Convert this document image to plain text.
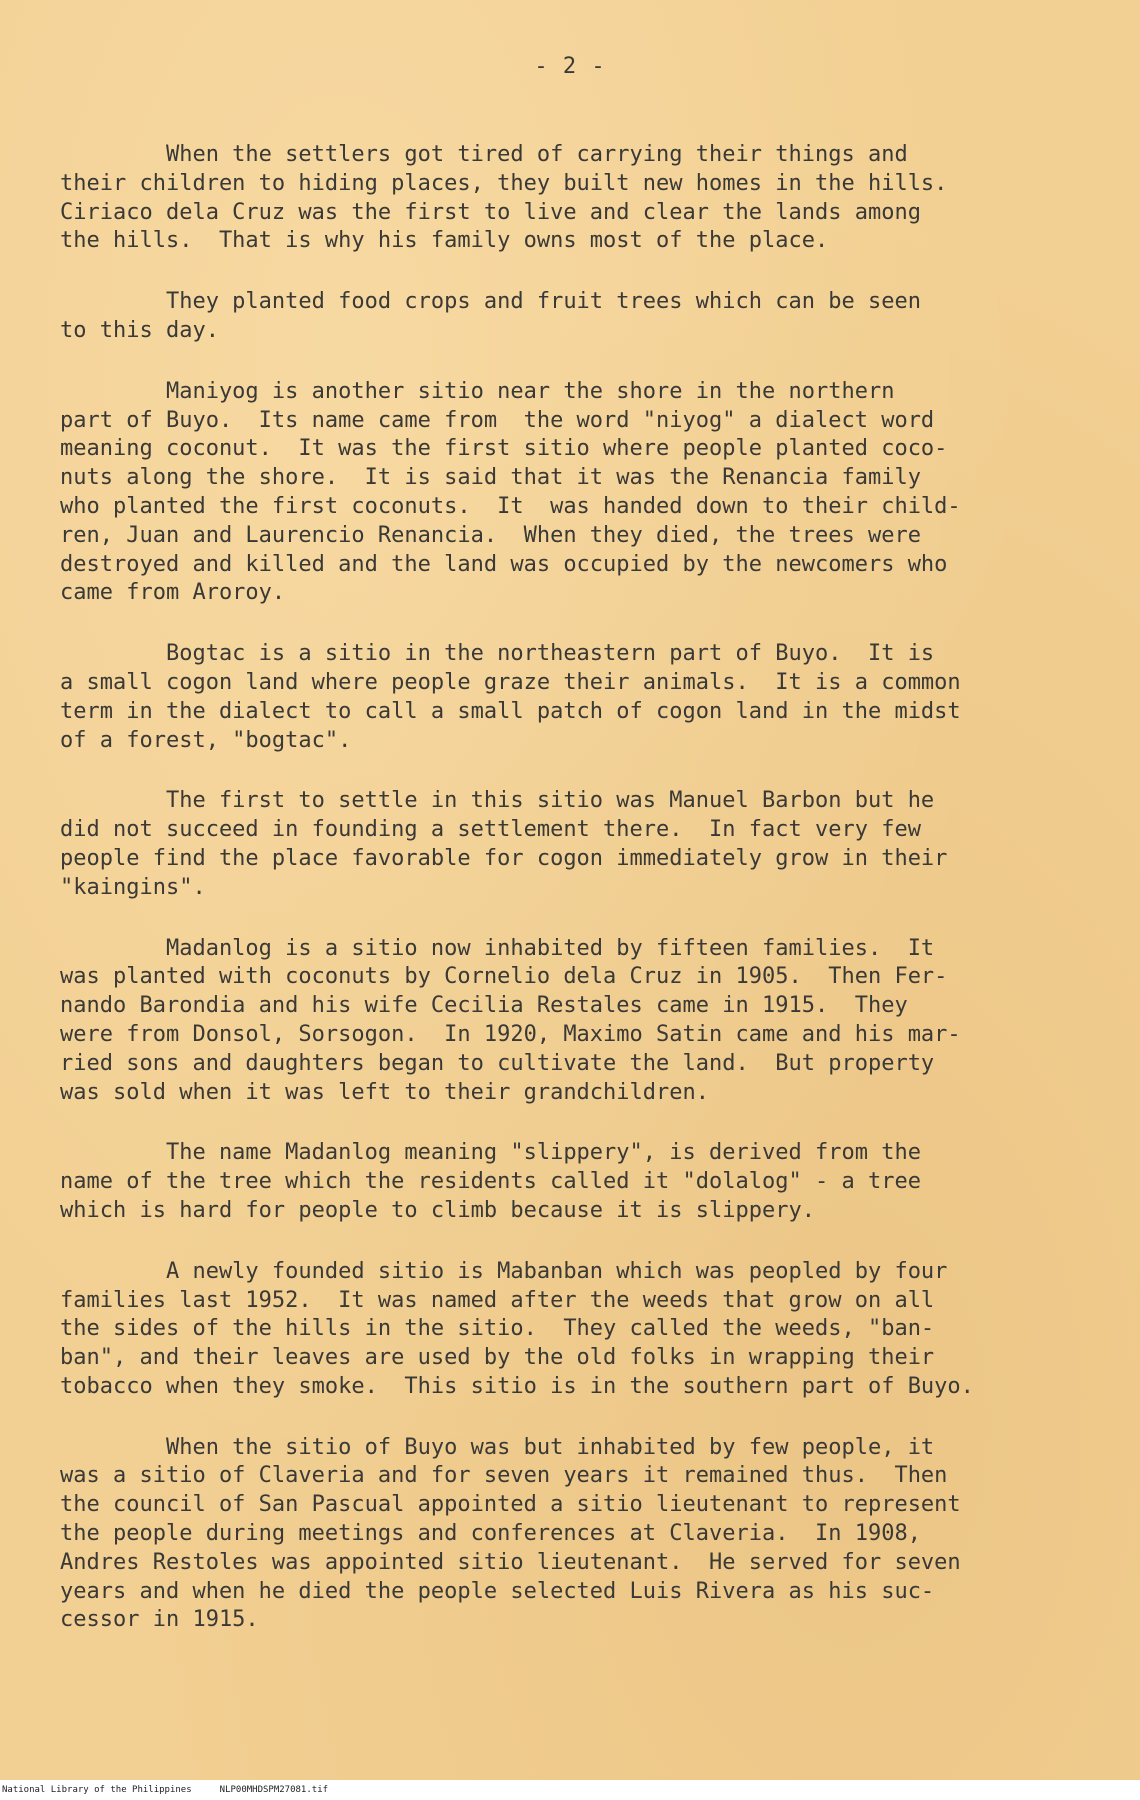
- 2 -

When the settlers got tired of carrying their things and
their children to hiding places, they built new homes in the hills.
Ciriaco dela Cruz was the first to live and clear the lands among
the hills.  That is why his family owns most of the place.

They planted food crops and fruit trees which can be seen
to this day.

Maniyog is another sitio near the shore in the northern
part of Buyo.  Its name came from  the word "niyog" a dialect word
meaning coconut.  It was the first sitio where people planted coco-
nuts along the shore.  It is said that it was the Renancia family
who planted the first coconuts.  It  was handed down to their child-
ren, Juan and Laurencio Renancia.  When they died, the trees were
destroyed and killed and the land was occupied by the newcomers who
came from Aroroy.

Bogtac is a sitio in the northeastern part of Buyo.  It is
a small cogon land where people graze their animals.  It is a common
term in the dialect to call a small patch of cogon land in the midst
of a forest, "bogtac".

The first to settle in this sitio was Manuel Barbon but he
did not succeed in founding a settlement there.  In fact very few
people find the place favorable for cogon immediately grow in their
"kaingins".

Madanlog is a sitio now inhabited by fifteen families.  It
was planted with coconuts by Cornelio dela Cruz in 1905.  Then Fer-
nando Barondia and his wife Cecilia Restales came in 1915.  They
were from Donsol, Sorsogon.  In 1920, Maximo Satin came and his mar-
ried sons and daughters began to cultivate the land.  But property
was sold when it was left to their grandchildren.

The name Madanlog meaning "slippery", is derived from the
name of the tree which the residents called it "dolalog" - a tree
which is hard for people to climb because it is slippery.

A newly founded sitio is Mabanban which was peopled by four
families last 1952.  It was named after the weeds that grow on all
the sides of the hills in the sitio.  They called the weeds, "ban-
ban", and their leaves are used by the old folks in wrapping their
tobacco when they smoke.  This sitio is in the southern part of Buyo.

When the sitio of Buyo was but inhabited by few people, it
was a sitio of Claveria and for seven years it remained thus.  Then
the council of San Pascual appointed a sitio lieutenant to represent
the people during meetings and conferences at Claveria.  In 1908,
Andres Restoles was appointed sitio lieutenant.  He served for seven
years and when he died the people selected Luis Rivera as his suc-
cessor in 1915.

National Library of the Philippines	NLP00MHDSPM27081.tif
